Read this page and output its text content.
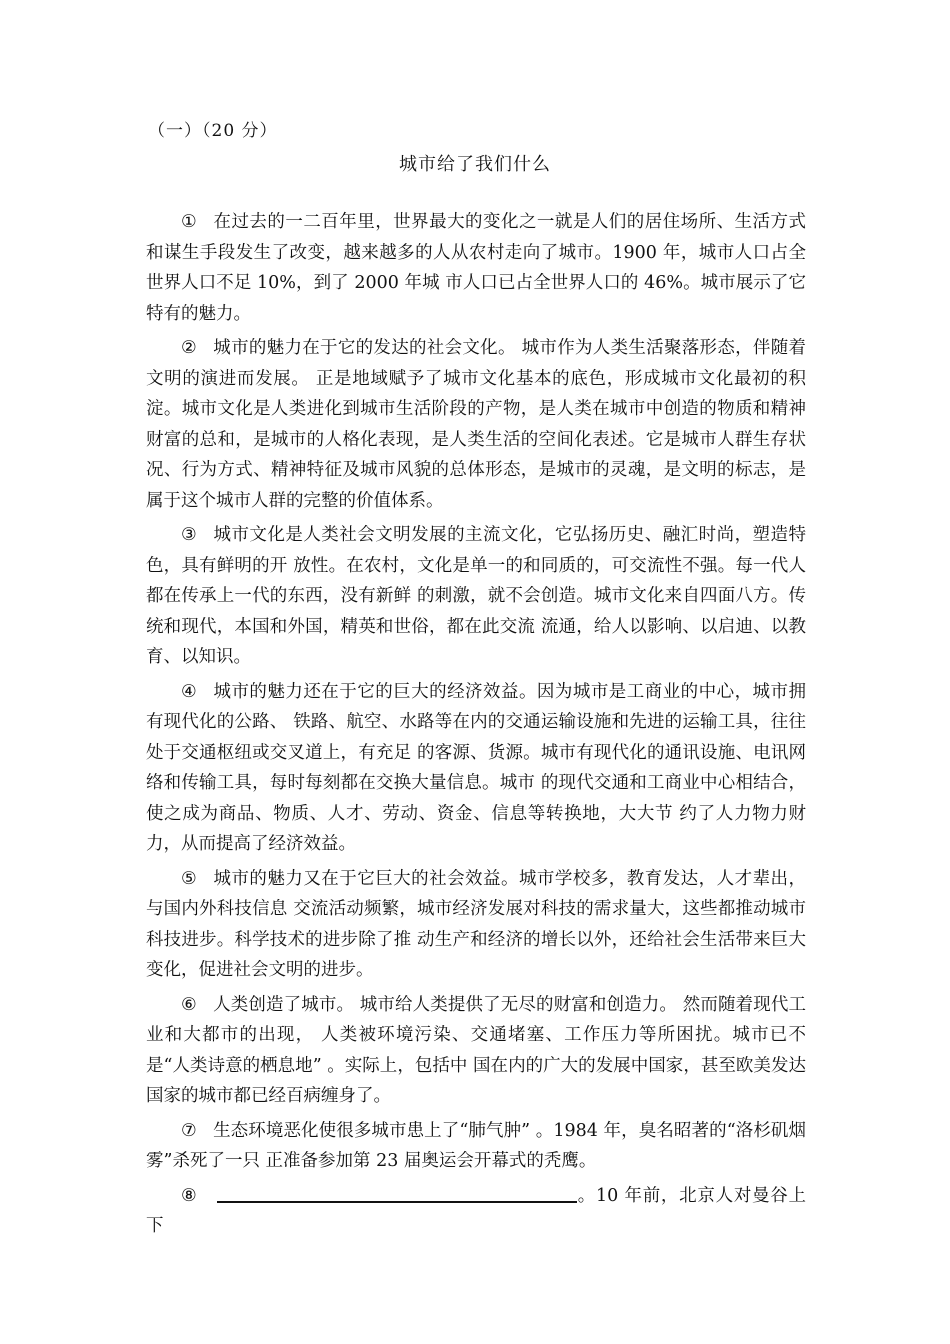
（一）（20 分）
城市给了我们什么

① 在过去的一二百年里，世界最大的变化之一就是人们的居住场所、生活方式和谋生手段发生了改变，越来越多的人从农村走向了城市。1900 年，城市人口占全世界人口不足 10%，到了 2000 年城 市人口已占全世界人口的 46%。城市展示了它特有的魅力。

② 城市的魅力在于它的发达的社会文化。 城市作为人类生活聚落形态，伴随着文明的演进而发展。 正是地域赋予了城市文化基本的底色，形成城市文化最初的积淀。城市文化是人类进化到城市生活阶段的产物，是人类在城市中创造的物质和精神财富的总和，是城市的人格化表现，是人类生活的空间化表述。它是城市人群生存状况、行为方式、精神特征及城市风貌的总体形态，是城市的灵魂，是文明的标志，是属于这个城市人群的完整的价值体系。

③ 城市文化是人类社会文明发展的主流文化，它弘扬历史、融汇时尚，塑造特色，具有鲜明的开 放性。在农村，文化是单一的和同质的，可交流性不强。每一代人都在传承上一代的东西，没有新鲜 的刺激，就不会创造。城市文化来自四面八方。传统和现代，本国和外国，精英和世俗，都在此交流 流通，给人以影响、以启迪、以教育、以知识。

④ 城市的魅力还在于它的巨大的经济效益。因为城市是工商业的中心，城市拥有现代化的公路、 铁路、航空、水路等在内的交通运输设施和先进的运输工具，往往处于交通枢纽或交叉道上，有充足 的客源、货源。城市有现代化的通讯设施、电讯网络和传输工具，每时每刻都在交换大量信息。城市 的现代交通和工商业中心相结合，使之成为商品、物质、人才、劳动、资金、信息等转换地，大大节 约了人力物力财力，从而提高了经济效益。

⑤ 城市的魅力又在于它巨大的社会效益。城市学校多，教育发达，人才辈出，与国内外科技信息 交流活动频繁，城市经济发展对科技的需求量大，这些都推动城市科技进步。科学技术的进步除了推 动生产和经济的增长以外，还给社会生活带来巨大变化，促进社会文明的进步。

⑥ 人类创造了城市。 城市给人类提供了无尽的财富和创造力。 然而随着现代工业和大都市的出现， 人类被环境污染、交通堵塞、工作压力等所困扰。城市已不是“人类诗意的栖息地” 。实际上，包括中 国在内的广大的发展中国家，甚至欧美发达国家的城市都已经百病缠身了。

⑦ 生态环境恶化使很多城市患上了“肺气肿” 。1984 年，臭名昭著的“洛杉矶烟雾”杀死了一只 正准备参加第 23 届奥运会开幕式的秃鹰。

⑧	。10 年前，北京人对曼谷上下
